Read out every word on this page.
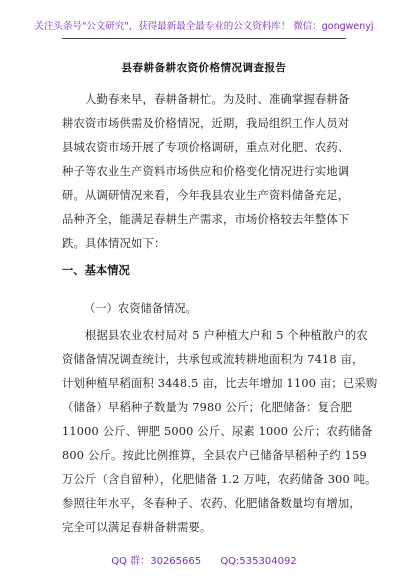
关注头条号"公文研究"，获得最新最全最专业的公文资料库！ 微信：gongwenyj
县春耕备耕农资价格情况调查报告
人勤春来早，春耕备耕忙。为及时、准确掌握春耕备
耕农资市场供需及价格情况，近期，我局组织工作人员对
县城农资市场开展了专项价格调研，重点对化肥、农药、
种子等农业生产资料市场供应和价格变化情况进行实地调
研。从调研情况来看，今年我县农业生产资料储备充足，
品种齐全，能满足春耕生产需求，市场价格较去年整体下
跌。具体情况如下：
一、基本情况
（一）农资储备情况。
根据县农业农村局对 5 户种植大户和 5 个种植散户的农
资储备情况调查统计，共承包或流转耕地面积为 7418 亩，
计划种植早稻面积 3448.5 亩，比去年增加 1100 亩；已采购
（储备）早稻种子数量为 7980 公斤；化肥储备：复合肥
11000 公斤、钾肥 5000 公斤、尿素 1000 公斤；农药储备
800 公斤。按此比例推算，全县农户已储备早稻种子约 159
万公斤（含自留种），化肥储备 1.2 万吨，农药储备 300 吨。
参照往年水平，冬春种子、农药、化肥储备数量均有增加，
完全可以满足春耕备耕需要。
QQ 群：30265665 QQ:535304092
